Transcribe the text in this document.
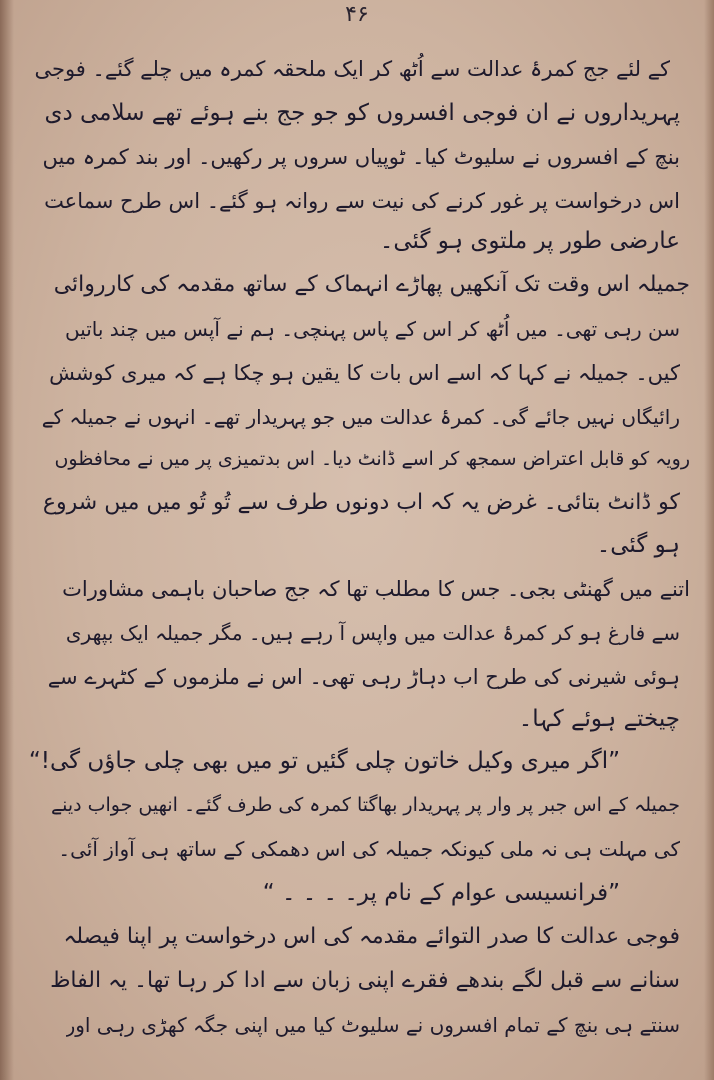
۴۶
کے لئے جج کمرۂ عدالت سے اُٹھ کر ایک ملحقہ کمرہ میں چلے گئے۔ فوجی
پہریداروں نے ان فوجی افسروں کو جو جج بنے ہوئے تھے سلامی دی
بنچ کے افسروں نے سلیوٹ کیا۔ ٹوپیاں سروں پر رکھیں۔ اور بند کمرہ میں
اس درخواست پر غور کرنے کی نیت سے روانہ ہو گئے۔ اس طرح سماعت
عارضی طور پر ملتوی ہو گئی۔
جمیلہ اس وقت تک آنکھیں پھاڑے انہماک کے ساتھ مقدمہ کی کارروائی
سن رہی تھی۔ میں اُٹھ کر اس کے پاس پہنچی۔ ہم نے آپس میں چند باتیں
کیں۔ جمیلہ نے کہا کہ اسے اس بات کا یقین ہو چکا ہے کہ میری کوشش
رائیگاں نہیں جائے گی۔ کمرۂ عدالت میں جو پہریدار تھے۔ انہوں نے جمیلہ کے
رویہ کو قابل اعتراض سمجھ کر اسے ڈانٹ دیا۔ اس بدتمیزی پر میں نے محافظوں
کو ڈانٹ بتائی۔ غرض یہ کہ اب دونوں طرف سے تُو تُو میں میں شروع
ہو گئی۔
اتنے میں گھنٹی بجی۔ جس کا مطلب تھا کہ جج صاحبان باہمی مشاورات
سے فارغ ہو کر کمرۂ عدالت میں واپس آ رہے ہیں۔ مگر جمیلہ ایک بپھری
ہوئی شیرنی کی طرح اب دہاڑ رہی تھی۔ اس نے ملزموں کے کٹہرے سے
چیختے ہوئے کہا۔
”اگر میری وکیل خاتون چلی گئیں تو میں بھی چلی جاؤں گی!“
جمیلہ کے اس جبر پر وار پر پہریدار بھاگتا کمرہ کی طرف گئے۔ انھیں جواب دینے
کی مہلت ہی نہ ملی کیونکہ جمیلہ کی اس دھمکی کے ساتھ ہی آواز آئی۔
”فرانسیسی عوام کے نام پر۔ ۔ ۔ ۔ “
فوجی عدالت کا صدر التوائے مقدمہ کی اس درخواست پر اپنا فیصلہ
سنانے سے قبل لگے بندھے فقرے اپنی زبان سے ادا کر رہا تھا۔ یہ الفاظ
سنتے ہی بنچ کے تمام افسروں نے سلیوٹ کیا میں اپنی جگہ کھڑی رہی اور
